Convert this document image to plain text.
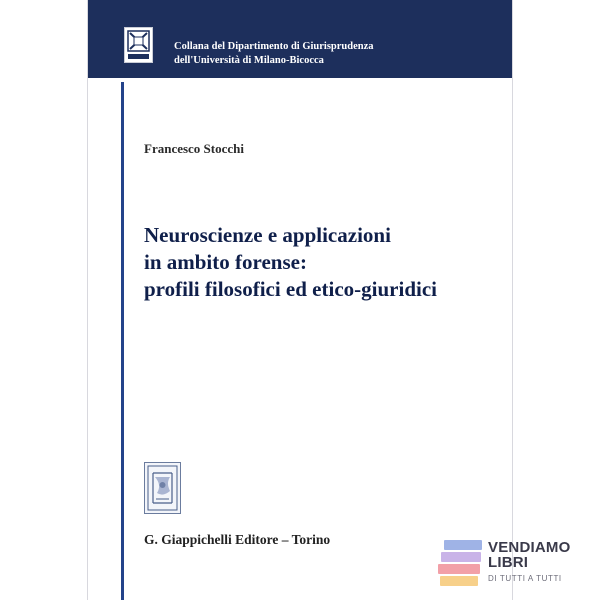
Collana del Dipartimento di Giurisprudenza
dell'Università di Milano-Bicocca
Francesco Stocchi
Neuroscienze e applicazioni
in ambito forense:
profili filosofici ed etico-giuridici
G. Giappichelli Editore – Torino	VENDIAMO
LIBRI
DI TUTTI A TUTTI
